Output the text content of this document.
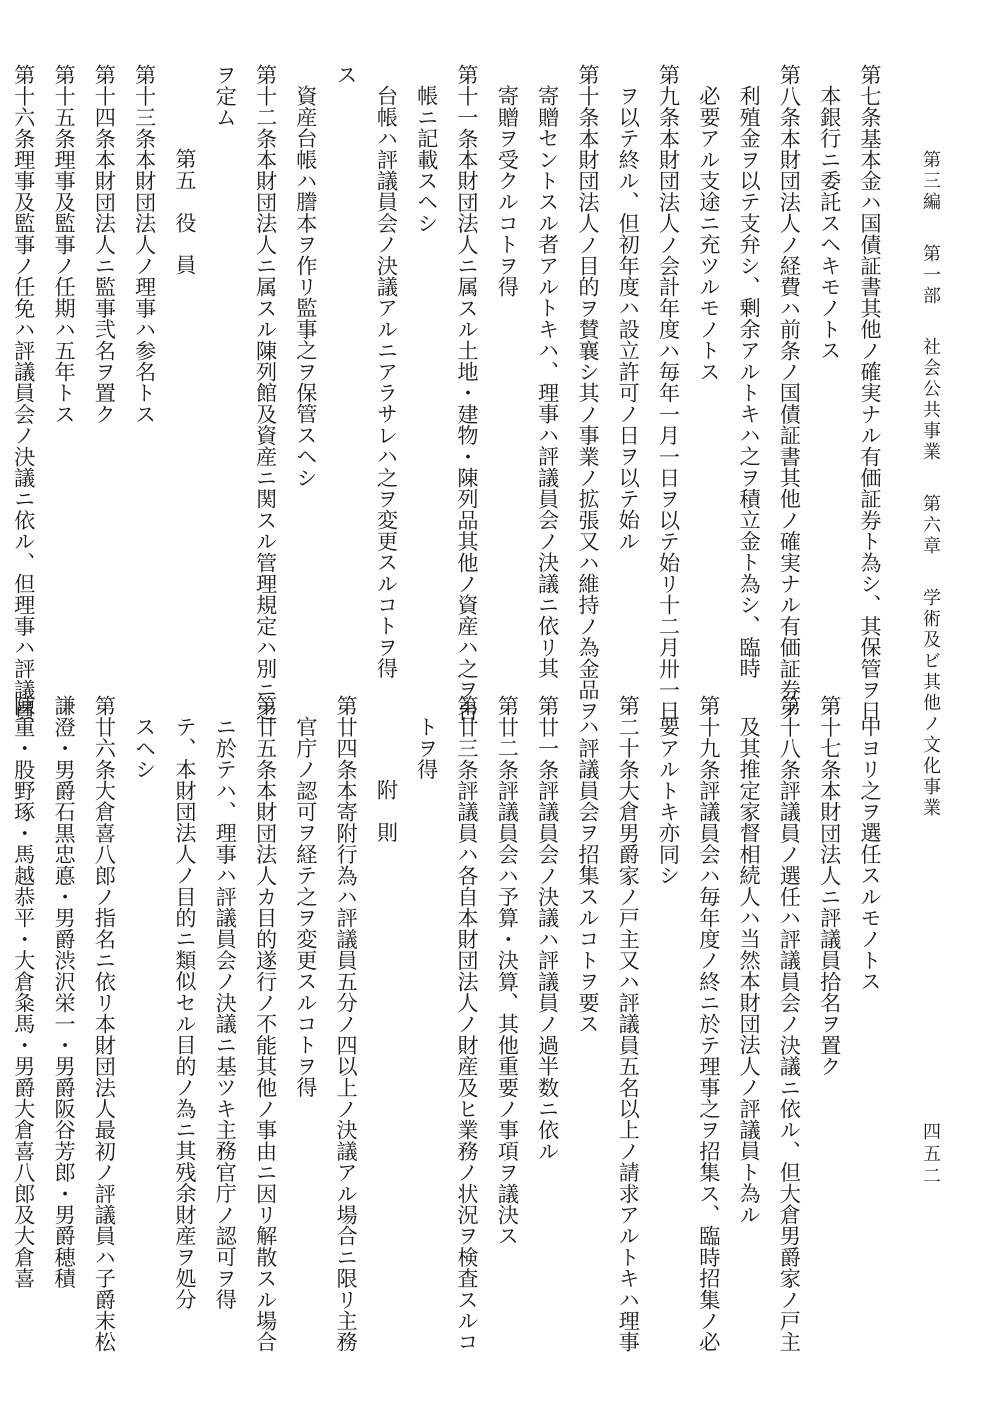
第三編 第一部 社会公共事業 第六章 学術及ビ其他ノ文化事業
四五二
第七条基本金ハ国債証書其他ノ確実ナル有価証券ト為シ、其保管ヲ日
本銀行ニ委託スヘキモノトス
第八条本財団法人ノ経費ハ前条ノ国債証書其他ノ確実ナル有価証券ノ
利殖金ヲ以テ支弁シ、剰余アルトキハ之ヲ積立金ト為シ、臨時
必要アル支途ニ充ツルモノトス
第九条本財団法人ノ会計年度ハ毎年一月一日ヲ以テ始リ十二月卅一日
ヲ以テ終ル、但初年度ハ設立許可ノ日ヲ以テ始ル
第十条本財団法人ノ目的ヲ賛襄シ其ノ事業ノ拡張又ハ維持ノ為金品ヲ
寄贈セントスル者アルトキハ、理事ハ評議員会ノ決議ニ依リ其
寄贈ヲ受クルコトヲ得
第十一条本財団法人ニ属スル土地・建物・陳列品其他ノ資産ハ之ヲ台
帳ニ記載スヘシ
台帳ハ評議員会ノ決議アルニアラサレハ之ヲ変更スルコトヲ得
ス
資産台帳ハ謄本ヲ作リ監事之ヲ保管スヘシ
第十二条本財団法人ニ属スル陳列館及資産ニ関スル管理規定ハ別ニ之
ヲ定ム
第五　役　員
第十三条本財団法人ノ理事ハ参名トス
第十四条本財団法人ニ監事弐名ヲ置ク
第十五条理事及監事ノ任期ハ五年トス
第十六条理事及監事ノ任免ハ評議員会ノ決議ニ依ル、但理事ハ評議員
中ヨリ之ヲ選任スルモノトス
第十七条本財団法人ニ評議員拾名ヲ置ク
第十八条評議員ノ選任ハ評議員会ノ決議ニ依ル、但大倉男爵家ノ戸主
及其推定家督相続人ハ当然本財団法人ノ評議員ト為ル
第十九条評議員会ハ毎年度ノ終ニ於テ理事之ヲ招集ス、臨時招集ノ必
要アルトキ亦同シ
第二十条大倉男爵家ノ戸主又ハ評議員五名以上ノ請求アルトキハ理事
ハ評議員会ヲ招集スルコトヲ要ス
第廿一条評議員会ノ決議ハ評議員ノ過半数ニ依ル
第廿二条評議員会ハ予算・決算、其他重要ノ事項ヲ議決ス
第廿三条評議員ハ各自本財団法人ノ財産及ヒ業務ノ状況ヲ検査スルコ
トヲ得
附　則
第廿四条本寄附行為ハ評議員五分ノ四以上ノ決議アル場合ニ限リ主務
官庁ノ認可ヲ経テ之ヲ変更スルコトヲ得
第廿五条本財団法人カ目的遂行ノ不能其他ノ事由ニ因リ解散スル場合
ニ於テハ、理事ハ評議員会ノ決議ニ基ツキ主務官庁ノ認可ヲ得
テ、本財団法人ノ目的ニ類似セル目的ノ為ニ其残余財産ヲ処分
スヘシ
第廿六条大倉喜八郎ノ指名ニ依リ本財団法人最初ノ評議員ハ子爵末松
謙澄・男爵石黒忠悳・男爵渋沢栄一・男爵阪谷芳郎・男爵穂積
陳重・股野琢・馬越恭平・大倉粂馬・男爵大倉喜八郎及大倉喜
